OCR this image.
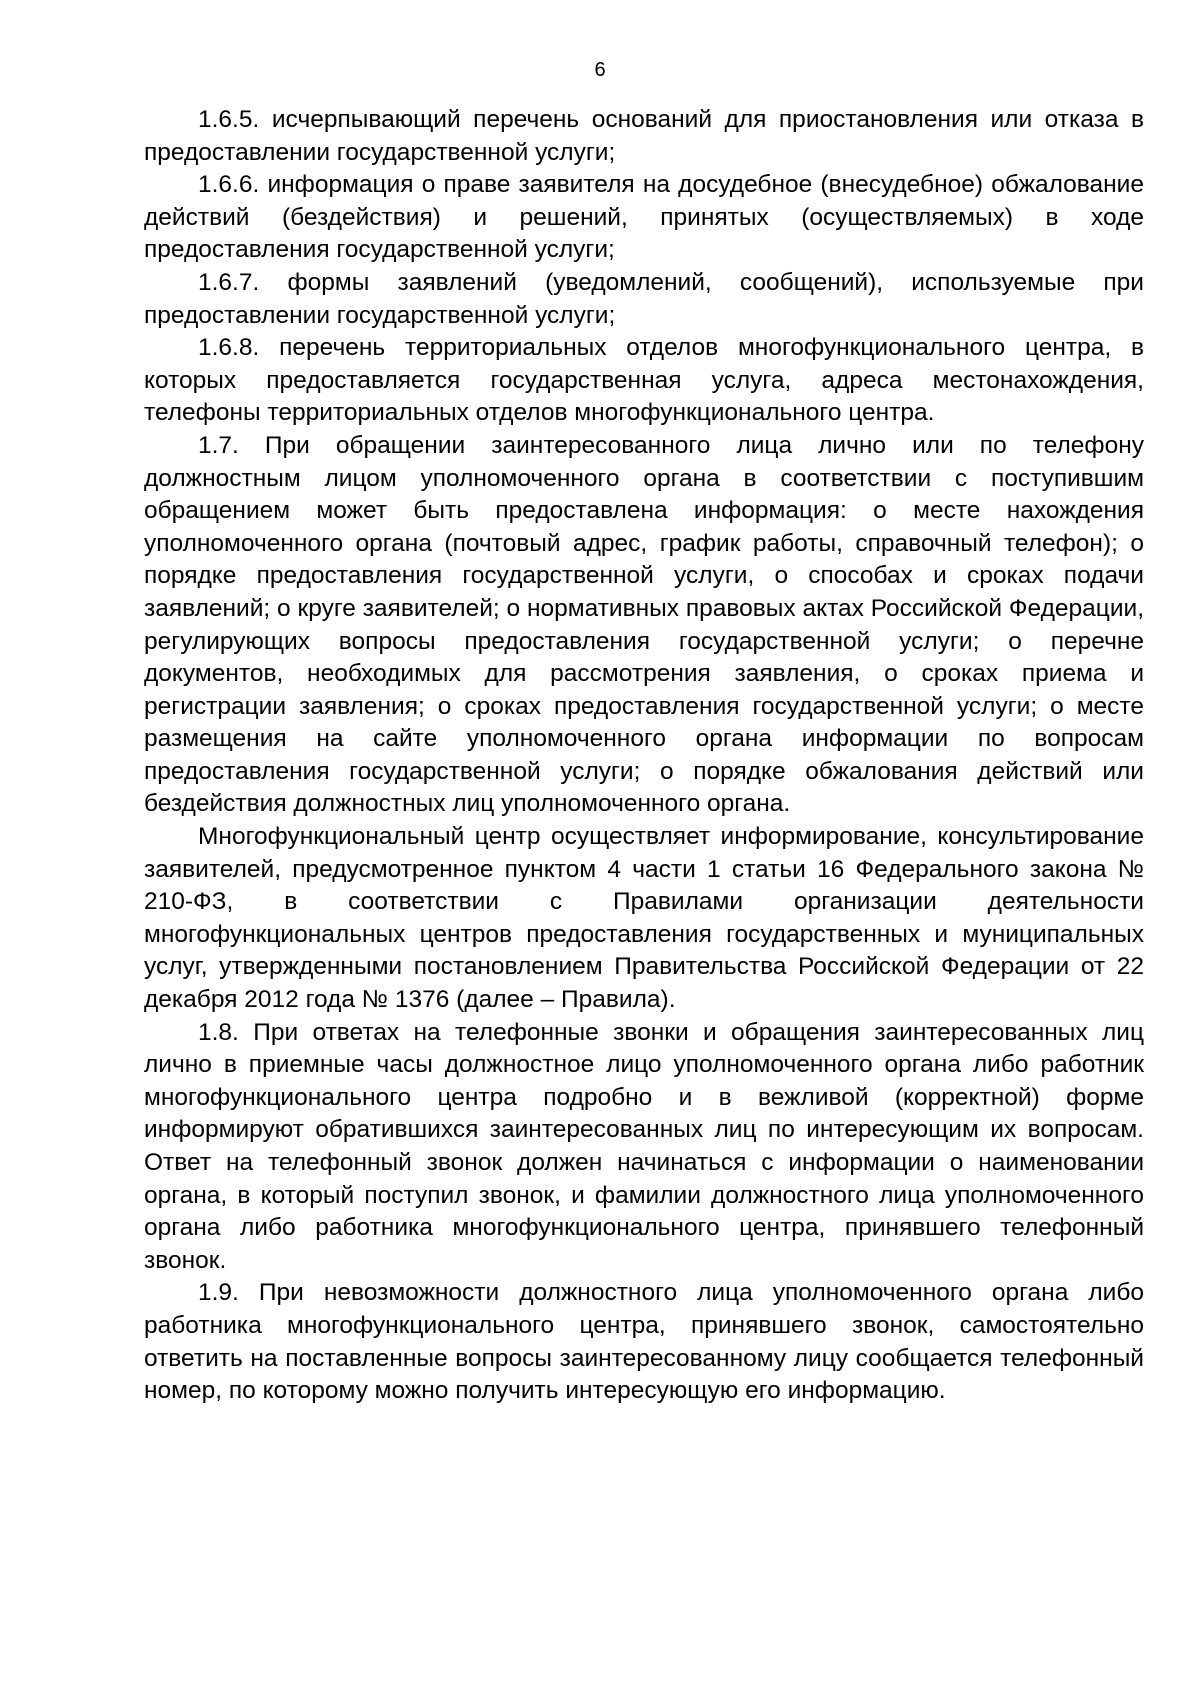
6

1.6.5. исчерпывающий перечень оснований для приостановления или отказа в предоставлении государственной услуги;

1.6.6. информация о праве заявителя на досудебное (внесудебное) обжалование действий (бездействия) и решений, принятых (осуществляемых) в ходе предоставления государственной услуги;

1.6.7. формы заявлений (уведомлений, сообщений), используемые при предоставлении государственной услуги;

1.6.8. перечень территориальных отделов многофункционального центра, в которых предоставляется государственная услуга, адреса местонахождения, телефоны территориальных отделов многофункционального центра.

1.7. При обращении заинтересованного лица лично или по телефону должностным лицом уполномоченного органа в соответствии с поступившим обращением может быть предоставлена информация: о месте нахождения уполномоченного органа (почтовый адрес, график работы, справочный телефон); о порядке предоставления государственной услуги, о способах и сроках подачи заявлений; о круге заявителей; о нормативных правовых актах Российской Федерации, регулирующих вопросы предоставления государственной услуги; о перечне документов, необходимых для рассмотрения заявления, о сроках приема и регистрации заявления; о сроках предоставления государственной услуги; о месте размещения на сайте уполномоченного органа информации по вопросам предоставления государственной услуги; о порядке обжалования действий или бездействия должностных лиц уполномоченного органа.

Многофункциональный центр осуществляет информирование, консультирование заявителей, предусмотренное пунктом 4 части 1 статьи 16 Федерального закона № 210-ФЗ, в соответствии с Правилами организации деятельности многофункциональных центров предоставления государственных и муниципальных услуг, утвержденными постановлением Правительства Российской Федерации от 22 декабря 2012 года № 1376 (далее – Правила).

1.8. При ответах на телефонные звонки и обращения заинтересованных лиц лично в приемные часы должностное лицо уполномоченного органа либо работник многофункционального центра подробно и в вежливой (корректной) форме информируют обратившихся заинтересованных лиц по интересующим их вопросам. Ответ на телефонный звонок должен начинаться с информации о наименовании органа, в который поступил звонок, и фамилии должностного лица уполномоченного органа либо работника многофункционального центра, принявшего телефонный звонок.

1.9. При невозможности должностного лица уполномоченного органа либо работника многофункционального центра, принявшего звонок, самостоятельно ответить на поставленные вопросы заинтересованному лицу сообщается телефонный номер, по которому можно получить интересующую его информацию.
